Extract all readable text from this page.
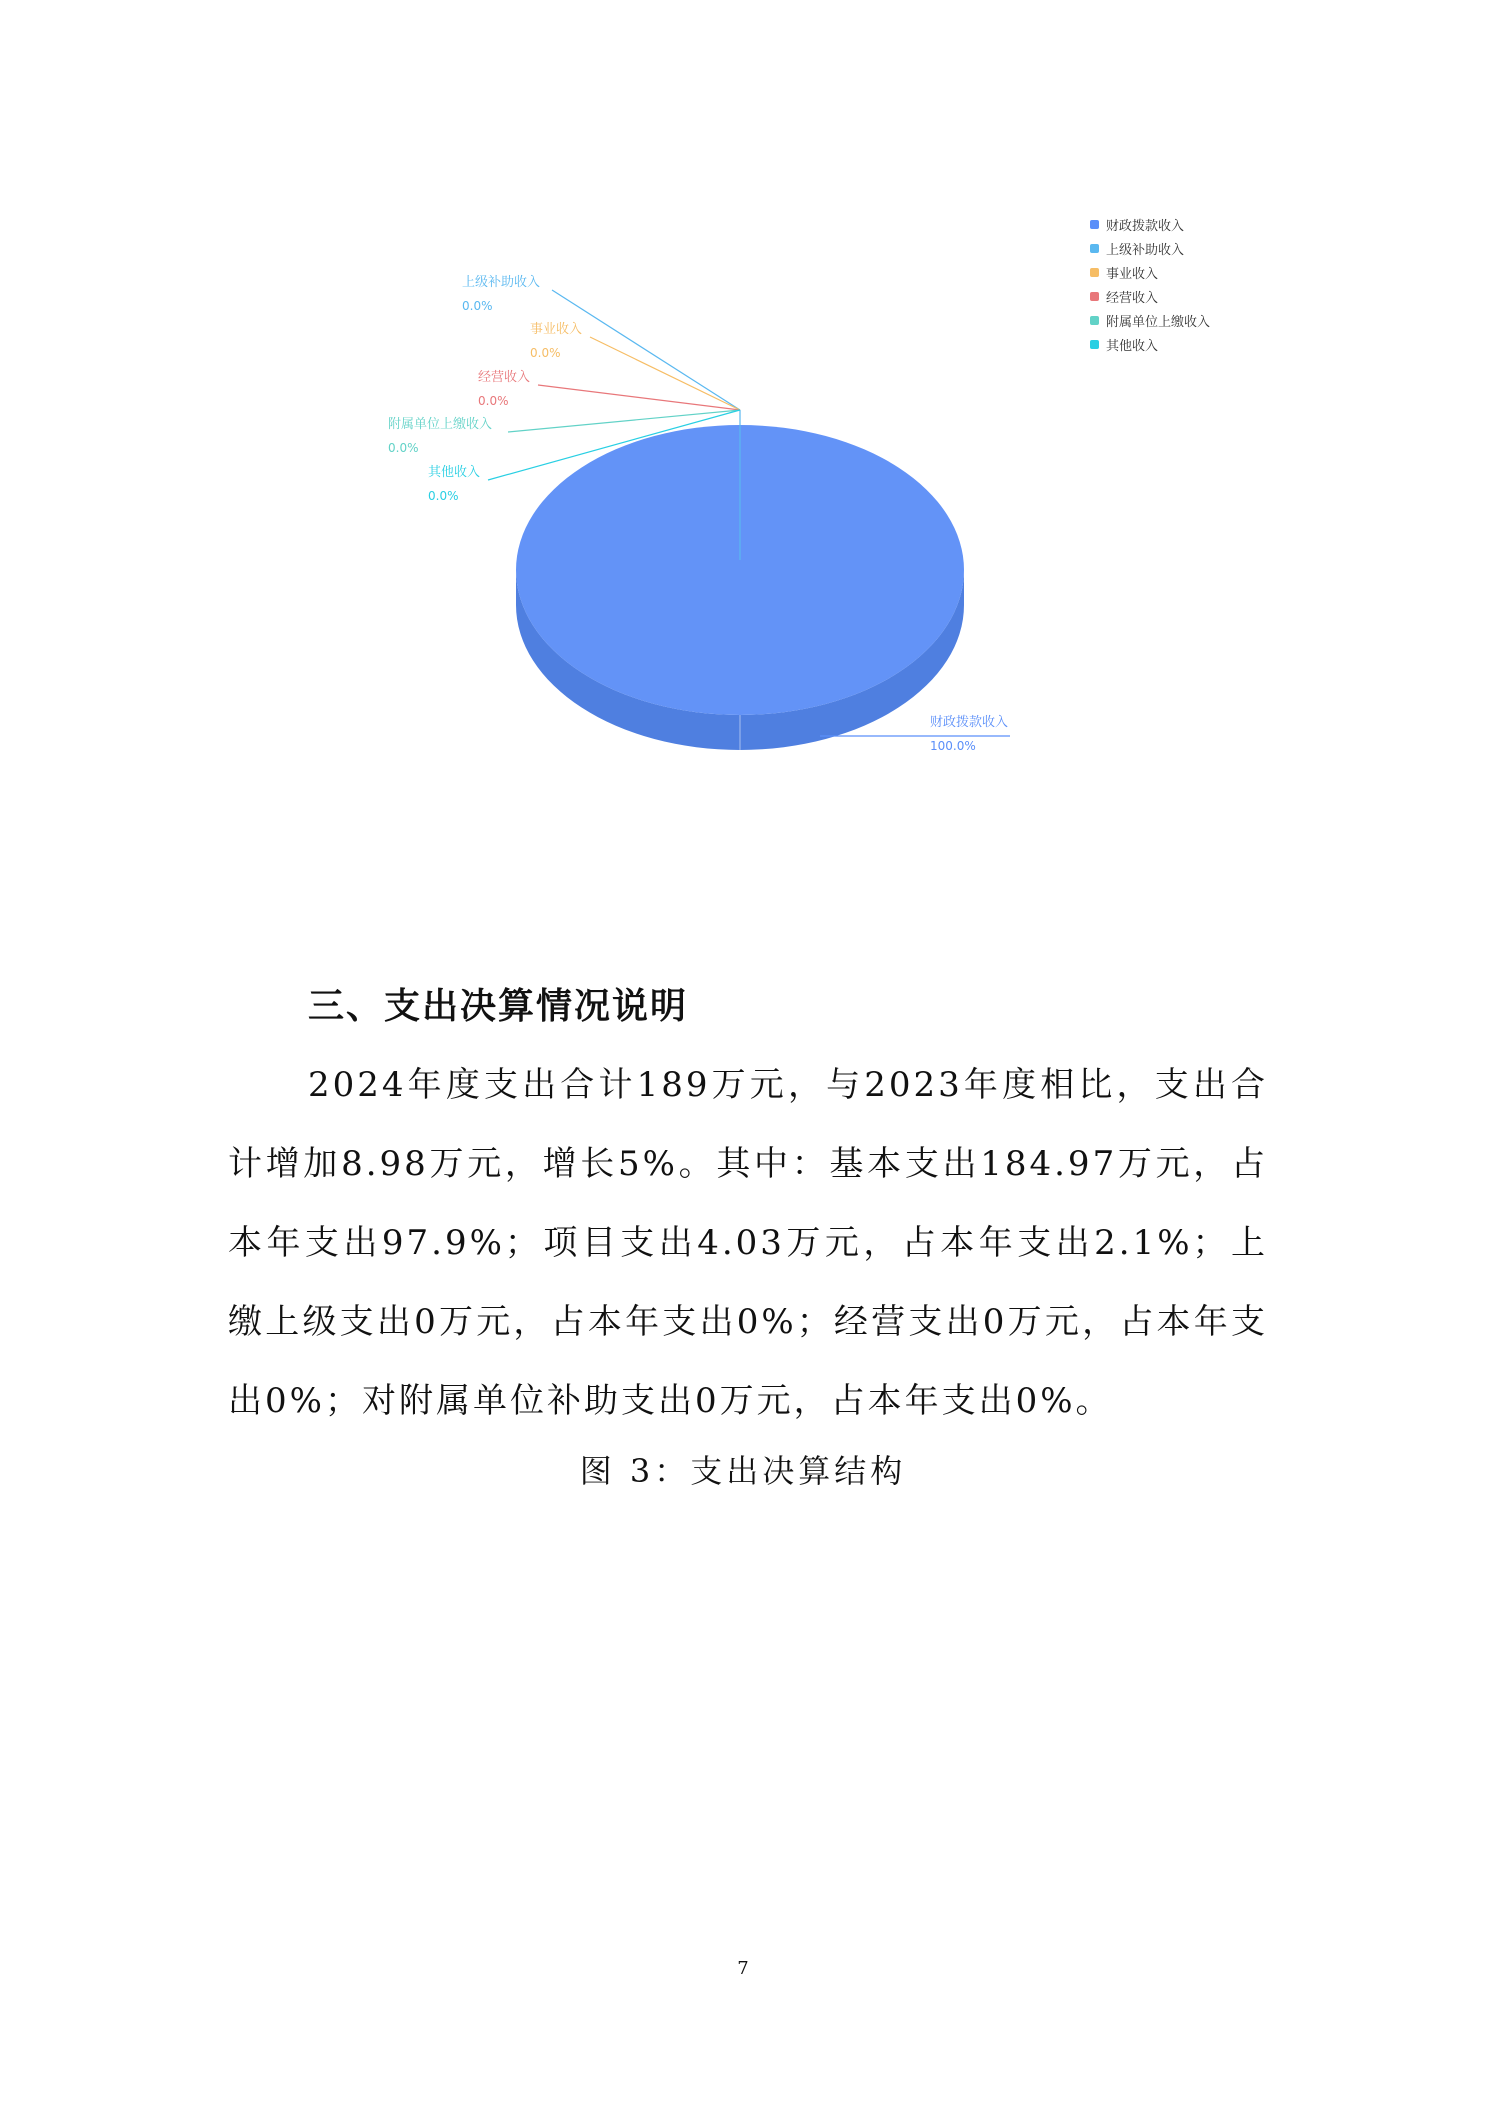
财政拨款收入
100.0%
上级补助收入
0.0%
事业收入
0.0%
经营收入
0.0%
附属单位上缴收入
0.0%
其他收入
0.0%
财政拨款收入
上级补助收入
事业收入
经营收入
附属单位上缴收入
其他收入
三、支出决算情况说明
2024年度支出合计189万元，与2023年度相比，支出合计增加8.98万元，增长5%。其中：基本支出184.97万元，占本年支出97.9%；项目支出4.03万元，占本年支出2.1%；上缴上级支出0万元，占本年支出0%；经营支出0万元，占本年支出0%；对附属单位补助支出0万元，占本年支出0%。
图 3：支出决算结构
7
